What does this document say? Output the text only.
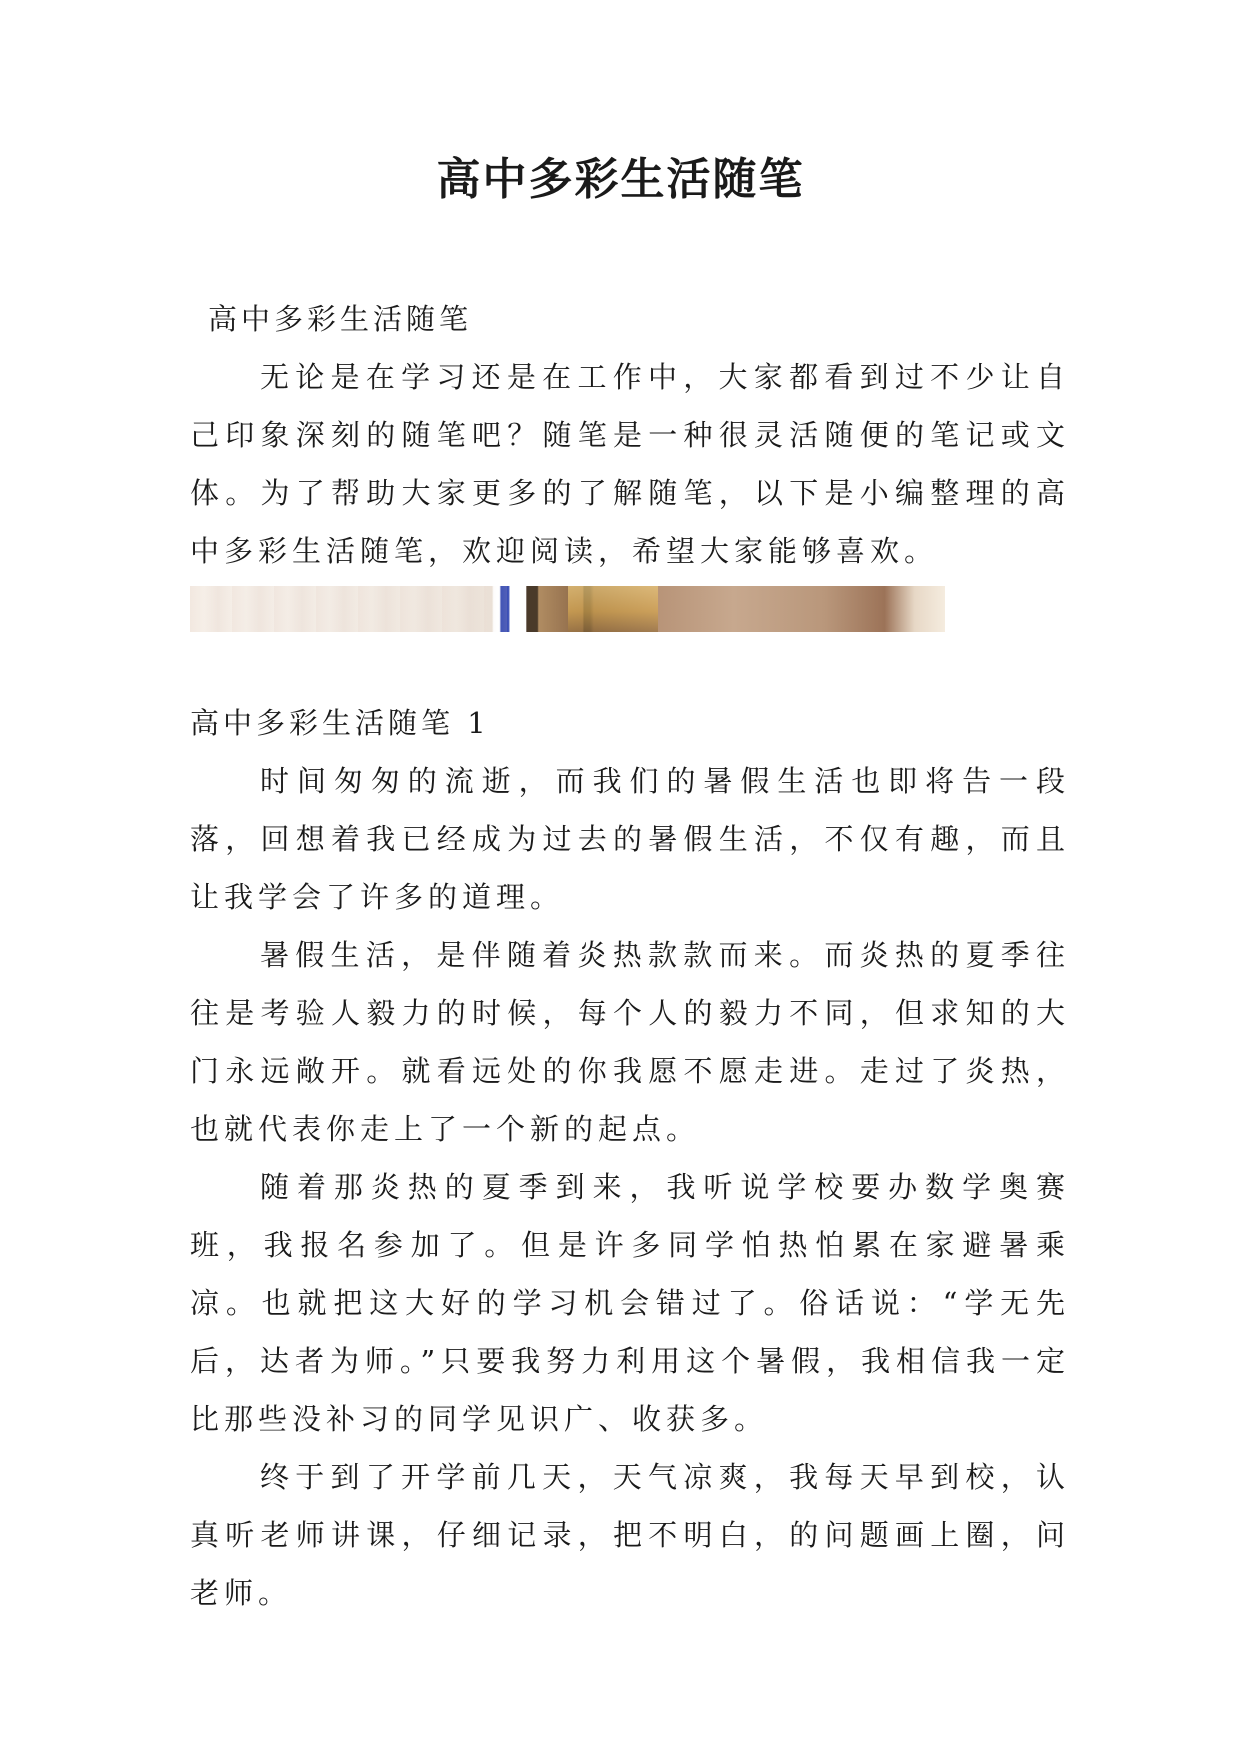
高中多彩生活随笔

高中多彩生活随笔

无论是在学习还是在工作中，大家都看到过不少让自己印象深刻的随笔吧？随笔是一种很灵活随便的笔记或文体。为了帮助大家更多的了解随笔，以下是小编整理的高中多彩生活随笔，欢迎阅读，希望大家能够喜欢。

高中多彩生活随笔 1

时间匆匆的流逝，而我们的暑假生活也即将告一段落，回想着我已经成为过去的暑假生活，不仅有趣，而且让我学会了许多的道理。

暑假生活，是伴随着炎热款款而来。而炎热的夏季往往是考验人毅力的时候，每个人的毅力不同，但求知的大门永远敞开。就看远处的你我愿不愿走进。走过了炎热，也就代表你走上了一个新的起点。

随着那炎热的夏季到来，我听说学校要办数学奥赛班，我报名参加了。但是许多同学怕热怕累在家避暑乘凉。也就把这大好的学习机会错过了。俗话说：“学无先后，达者为师。”只要我努力利用这个暑假，我相信我一定比那些没补习的同学见识广、收获多。

终于到了开学前几天，天气凉爽，我每天早到校，认真听老师讲课，仔细记录，把不明白，的问题画上圈，问老师。
